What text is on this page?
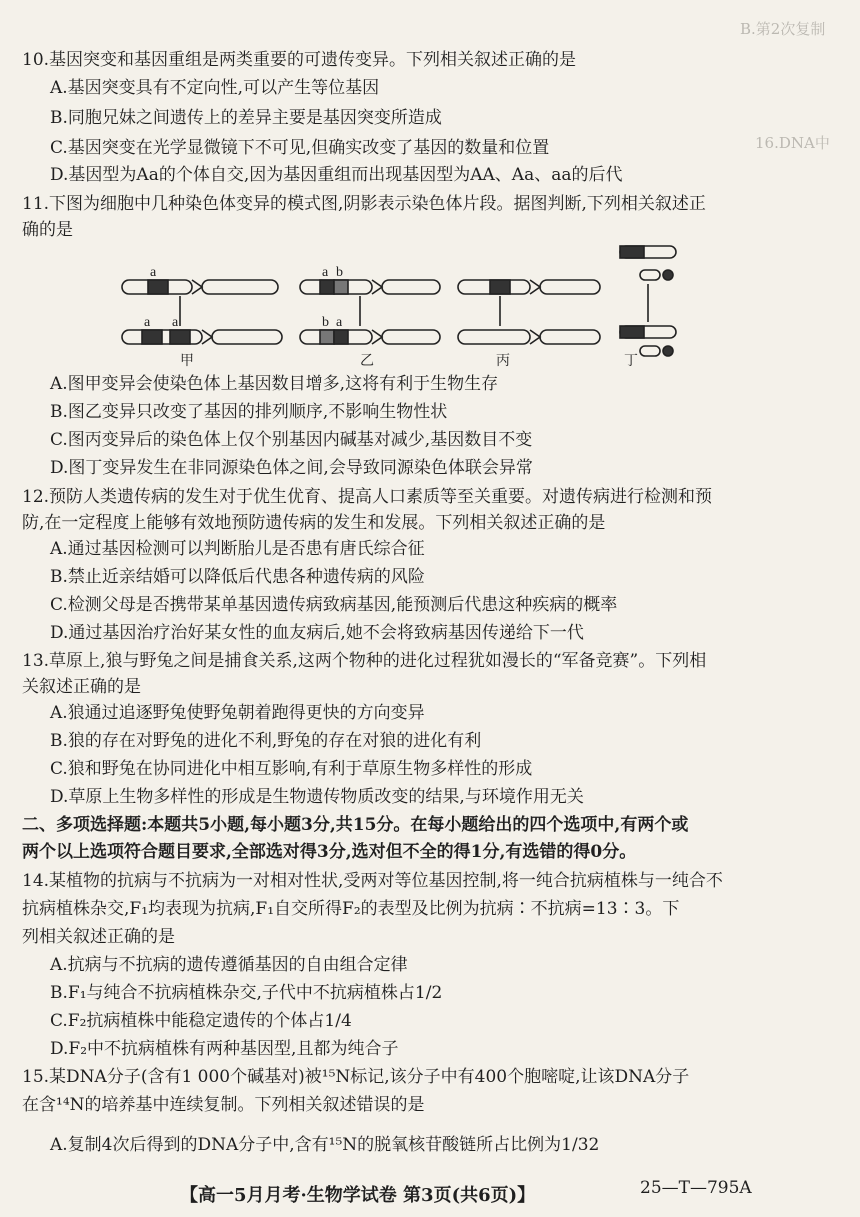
B.第2次复制
16.DNA中
10.基因突变和基因重组是两类重要的可遗传变异。下列相关叙述正确的是
A.基因突变具有不定向性,可以产生等位基因
B.同胞兄妹之间遗传上的差异主要是基因突变所造成
C.基因突变在光学显微镜下不可见,但确实改变了基因的数量和位置
D.基因型为Aa的个体自交,因为基因重组而出现基因型为AA、Aa、aa的后代
11.下图为细胞中几种染色体变异的模式图,阴影表示染色体片段。据图判断,下列相关叙述正
确的是
a
a a
a b
b a
甲	乙	丙	丁
A.图甲变异会使染色体上基因数目增多,这将有利于生物生存
B.图乙变异只改变了基因的排列顺序,不影响生物性状
C.图丙变异后的染色体上仅个别基因内碱基对减少,基因数目不变
D.图丁变异发生在非同源染色体之间,会导致同源染色体联会异常
12.预防人类遗传病的发生对于优生优育、提高人口素质等至关重要。对遗传病进行检测和预
防,在一定程度上能够有效地预防遗传病的发生和发展。下列相关叙述正确的是
A.通过基因检测可以判断胎儿是否患有唐氏综合征
B.禁止近亲结婚可以降低后代患各种遗传病的风险
C.检测父母是否携带某单基因遗传病致病基因,能预测后代患这种疾病的概率
D.通过基因治疗治好某女性的血友病后,她不会将致病基因传递给下一代
13.草原上,狼与野兔之间是捕食关系,这两个物种的进化过程犹如漫长的“军备竞赛”。下列相
关叙述正确的是
A.狼通过追逐野兔使野兔朝着跑得更快的方向变异
B.狼的存在对野兔的进化不利,野兔的存在对狼的进化有利
C.狼和野兔在协同进化中相互影响,有利于草原生物多样性的形成
D.草原上生物多样性的形成是生物遗传物质改变的结果,与环境作用无关
二、多项选择题:本题共5小题,每小题3分,共15分。在每小题给出的四个选项中,有两个或
两个以上选项符合题目要求,全部选对得3分,选对但不全的得1分,有选错的得0分。
14.某植物的抗病与不抗病为一对相对性状,受两对等位基因控制,将一纯合抗病植株与一纯合不
抗病植株杂交,F₁均表现为抗病,F₁自交所得F₂的表型及比例为抗病∶不抗病=13∶3。下
列相关叙述正确的是
A.抗病与不抗病的遗传遵循基因的自由组合定律
B.F₁与纯合不抗病植株杂交,子代中不抗病植株占1/2
C.F₂抗病植株中能稳定遗传的个体占1/4
D.F₂中不抗病植株有两种基因型,且都为纯合子
15.某DNA分子(含有1 000个碱基对)被¹⁵N标记,该分子中有400个胞嘧啶,让该DNA分子
在含¹⁴N的培养基中连续复制。下列相关叙述错误的是
A.复制4次后得到的DNA分子中,含有¹⁵N的脱氧核苷酸链所占比例为1/32
【高一5月月考·生物学试卷 第3页(共6页)】	25—T—795A
